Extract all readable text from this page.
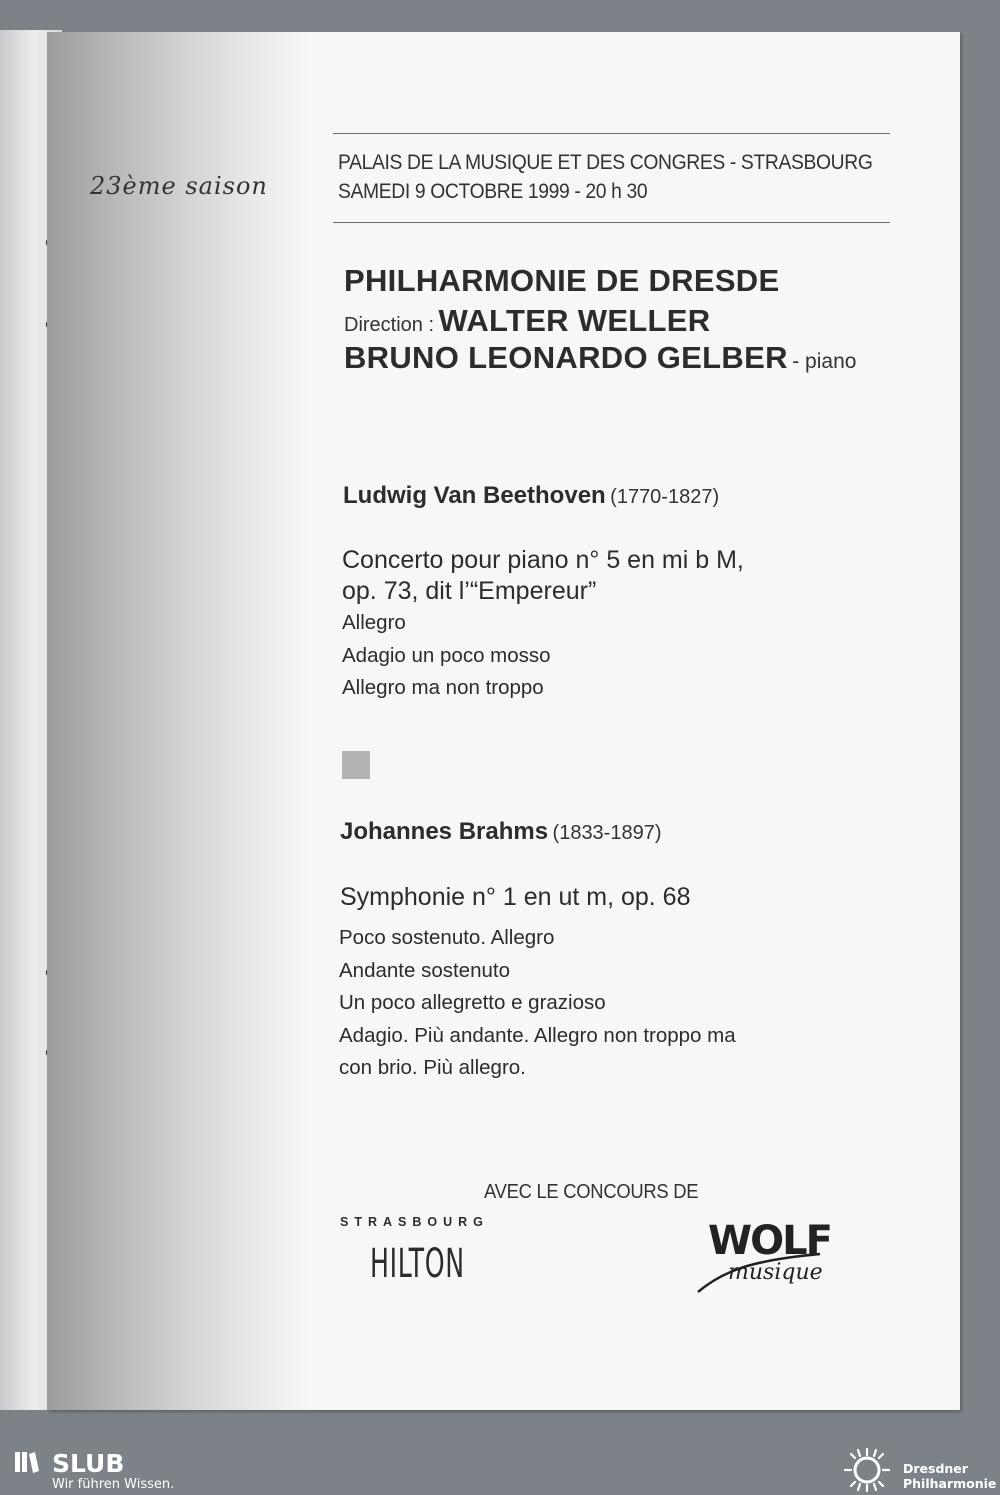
23ème saison
PALAIS DE LA MUSIQUE ET DES CONGRES - STRASBOURG
SAMEDI 9 OCTOBRE 1999 - 20 h 30
PHILHARMONIE DE DRESDE
Direction : WALTER WELLER
BRUNO LEONARDO GELBER - piano
Ludwig Van Beethoven (1770-1827)
Concerto pour piano n° 5 en mi b M,
op. 73, dit l’“Empereur”
Allegro
Adagio un poco mosso
Allegro ma non troppo
Johannes Brahms (1833-1897)
Symphonie n° 1 en ut m, op. 68
Poco sostenuto. Allegro
Andante sostenuto
Un poco allegretto e grazioso
Adagio. Più andante. Allegro non troppo ma
con brio. Più allegro.
AVEC LE CONCOURS DE
STRASBOURG
HILTON	WOLF
musique
SLUB
Wir führen Wissen.
Dresdner
Philharmonie
